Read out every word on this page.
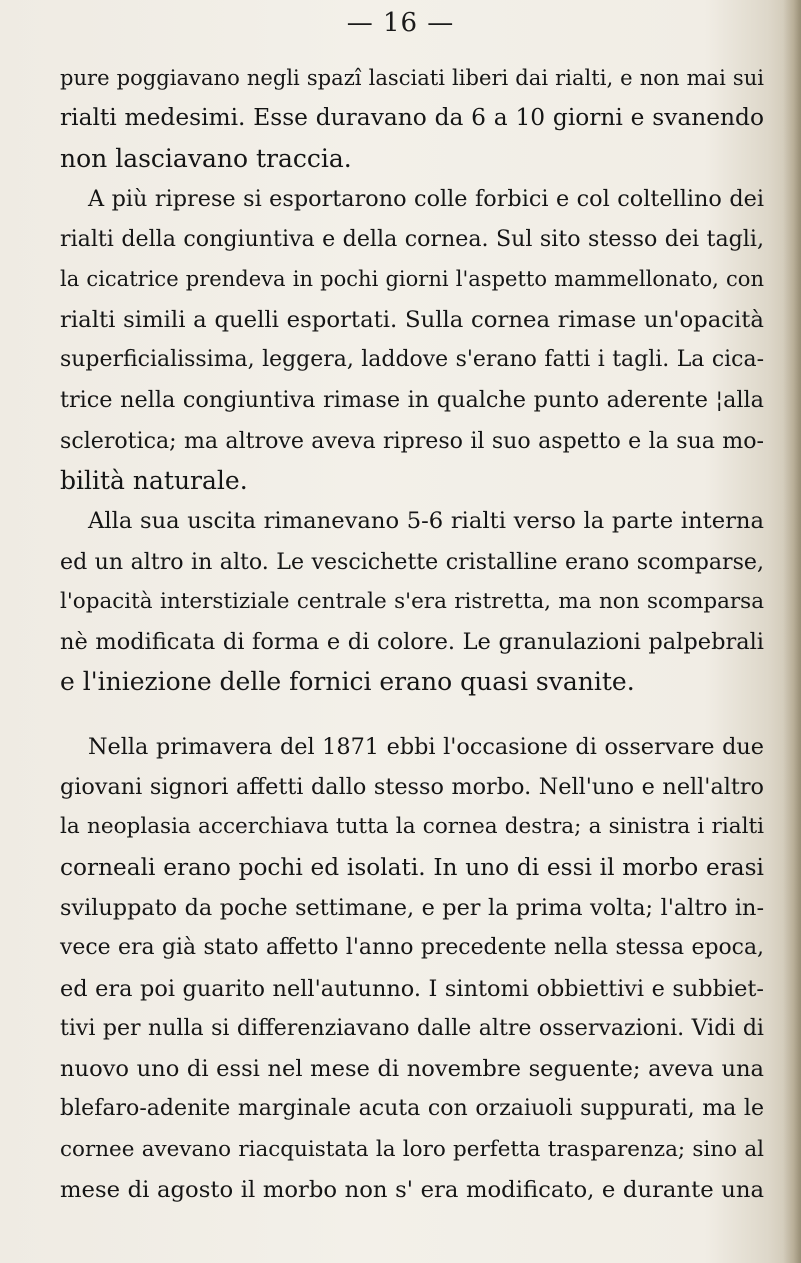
— 16 —
pure poggiavano negli spazî lasciati liberi dai rialti, e non mai sui
rialti medesimi. Esse duravano da 6 a 10 giorni e svanendo
non lasciavano traccia.
A più riprese si esportarono colle forbici e col coltellino dei
rialti della congiuntiva e della cornea. Sul sito stesso dei tagli,
la cicatrice prendeva in pochi giorni l'aspetto mammellonato, con
rialti simili a quelli esportati. Sulla cornea rimase un'opacità
superficialissima, leggera, laddove s'erano fatti i tagli. La cica-
trice nella congiuntiva rimase in qualche punto aderente ¦alla
sclerotica; ma altrove aveva ripreso il suo aspetto e la sua mo-
bilità naturale.
Alla sua uscita rimanevano 5-6 rialti verso la parte interna
ed un altro in alto. Le vescichette cristalline erano scomparse,
l'opacità interstiziale centrale s'era ristretta, ma non scomparsa
nè modificata di forma e di colore. Le granulazioni palpebrali
e l'iniezione delle fornici erano quasi svanite.
Nella primavera del 1871 ebbi l'occasione di osservare due
giovani signori affetti dallo stesso morbo. Nell'uno e nell'altro
la neoplasia accerchiava tutta la cornea destra; a sinistra i rialti
corneali erano pochi ed isolati. In uno di essi il morbo erasi
sviluppato da poche settimane, e per la prima volta; l'altro in-
vece era già stato affetto l'anno precedente nella stessa epoca,
ed era poi guarito nell'autunno. I sintomi obbiettivi e subbiet-
tivi per nulla si differenziavano dalle altre osservazioni. Vidi di
nuovo uno di essi nel mese di novembre seguente; aveva una
blefaro-adenite marginale acuta con orzaiuoli suppurati, ma le
cornee avevano riacquistata la loro perfetta trasparenza; sino al
mese di agosto il morbo non s' era modificato, e durante una
